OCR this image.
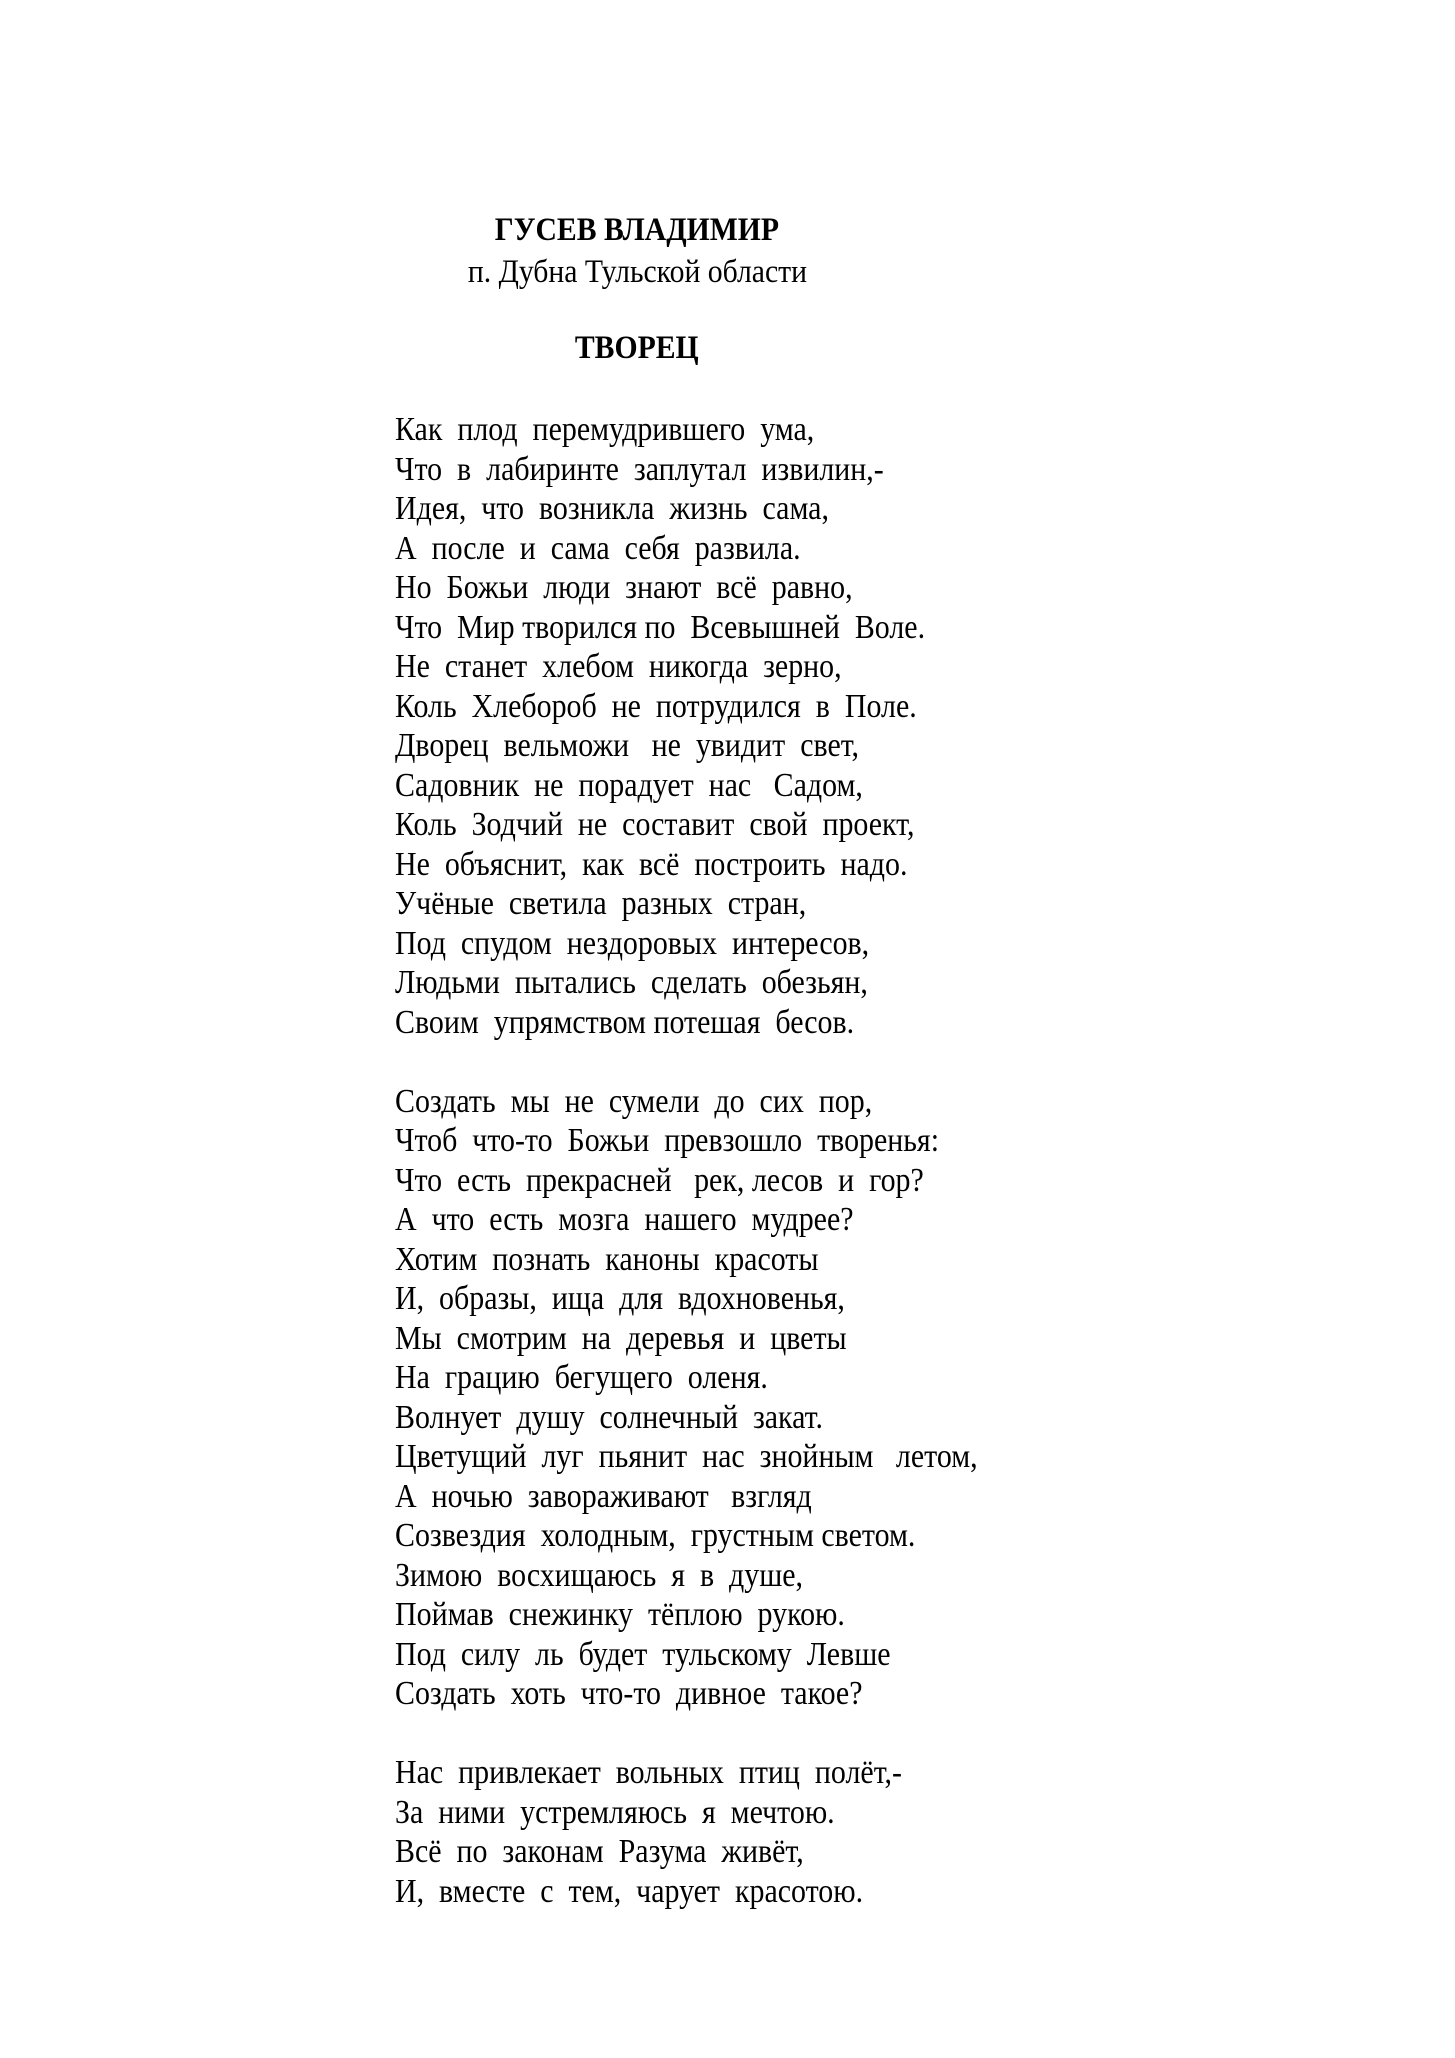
ГУСЕВ ВЛАДИМИР
п. Дубна Тульской области
ТВОРЕЦ
Как  плод  перемудрившего  ума,
Что  в  лабиринте  заплутал  извилин,-
Идея,  что  возникла  жизнь  сама,
А  после  и  сама  себя  развила.
Но  Божьи  люди  знают  всё  равно,
Что  Мир творился по  Всевышней  Воле.
Не  станет  хлебом  никогда  зерно,
Коль  Хлебороб  не  потрудился  в  Поле.
Дворец  вельможи   не  увидит  свет,
Садовник  не  порадует  нас   Садом,
Коль  Зодчий  не  составит  свой  проект,
Не  объяснит,  как  всё  построить  надо.
Учёные  светила  разных  стран,
Под  спудом  нездоровых  интересов,
Людьми  пытались  сделать  обезьян,
Своим  упрямством потешая  бесов.
Создать  мы  не  сумели  до  сих  пор,
Чтоб  что-то  Божьи  превзошло  творенья:
Что  есть  прекрасней   рек, лесов  и  гор?
А  что  есть  мозга  нашего  мудрее?
Хотим  познать  каноны  красоты
И,  образы,  ища  для  вдохновенья,
Мы  смотрим  на  деревья  и  цветы
На  грацию  бегущего  оленя.
Волнует  душу  солнечный  закат.
Цветущий  луг  пьянит  нас  знойным   летом,
А  ночью  завораживают   взгляд
Созвездия  холодным,  грустным светом.
Зимою  восхищаюсь  я  в  душе,
Поймав  снежинку  тёплою  рукою.
Под  силу  ль  будет  тульскому  Левше
Создать  хоть  что-то  дивное  такое?
Нас  привлекает  вольных  птиц  полёт,-
За  ними  устремляюсь  я  мечтою.
Всё  по  законам  Разума  живёт,
И,  вместе  с  тем,  чарует  красотою.
